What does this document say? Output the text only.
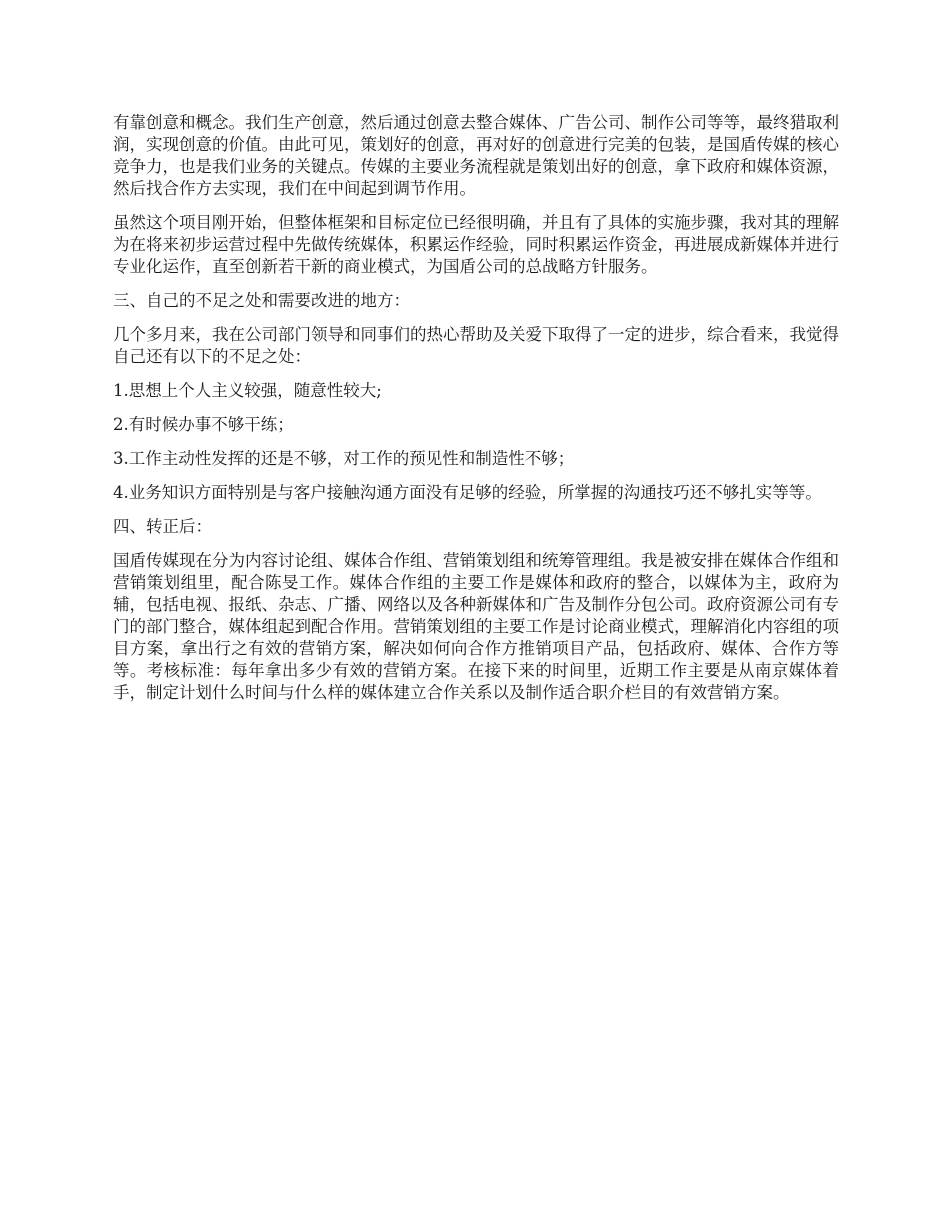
有靠创意和概念。我们生产创意，然后通过创意去整合媒体、广告公司、制作公司等等，最终猎取利润，实现创意的价值。由此可见，策划好的创意，再对好的创意进行完美的包装，是国盾传媒的核心竞争力，也是我们业务的关键点。传媒的主要业务流程就是策划出好的创意，拿下政府和媒体资源，然后找合作方去实现，我们在中间起到调节作用。

虽然这个项目刚开始，但整体框架和目标定位已经很明确，并且有了具体的实施步骤，我对其的理解为在将来初步运营过程中先做传统媒体，积累运作经验，同时积累运作资金，再进展成新媒体并进行专业化运作，直至创新若干新的商业模式，为国盾公司的总战略方针服务。

三、自己的不足之处和需要改进的地方：

几个多月来，我在公司部门领导和同事们的热心帮助及关爱下取得了一定的进步，综合看来，我觉得自己还有以下的不足之处：

1.思想上个人主义较强，随意性较大;

2.有时候办事不够干练；

3.工作主动性发挥的还是不够，对工作的预见性和制造性不够；

4.业务知识方面特别是与客户接触沟通方面没有足够的经验，所掌握的沟通技巧还不够扎实等等。

四、转正后：

国盾传媒现在分为内容讨论组、媒体合作组、营销策划组和统筹管理组。我是被安排在媒体合作组和营销策划组里，配合陈旻工作。媒体合作组的主要工作是媒体和政府的整合，以媒体为主，政府为辅，包括电视、报纸、杂志、广播、网络以及各种新媒体和广告及制作分包公司。政府资源公司有专门的部门整合，媒体组起到配合作用。营销策划组的主要工作是讨论商业模式，理解消化内容组的项目方案，拿出行之有效的营销方案，解决如何向合作方推销项目产品，包括政府、媒体、合作方等等。考核标准：每年拿出多少有效的营销方案。在接下来的时间里，近期工作主要是从南京媒体着手，制定计划什么时间与什么样的媒体建立合作关系以及制作适合职介栏目的有效营销方案。
